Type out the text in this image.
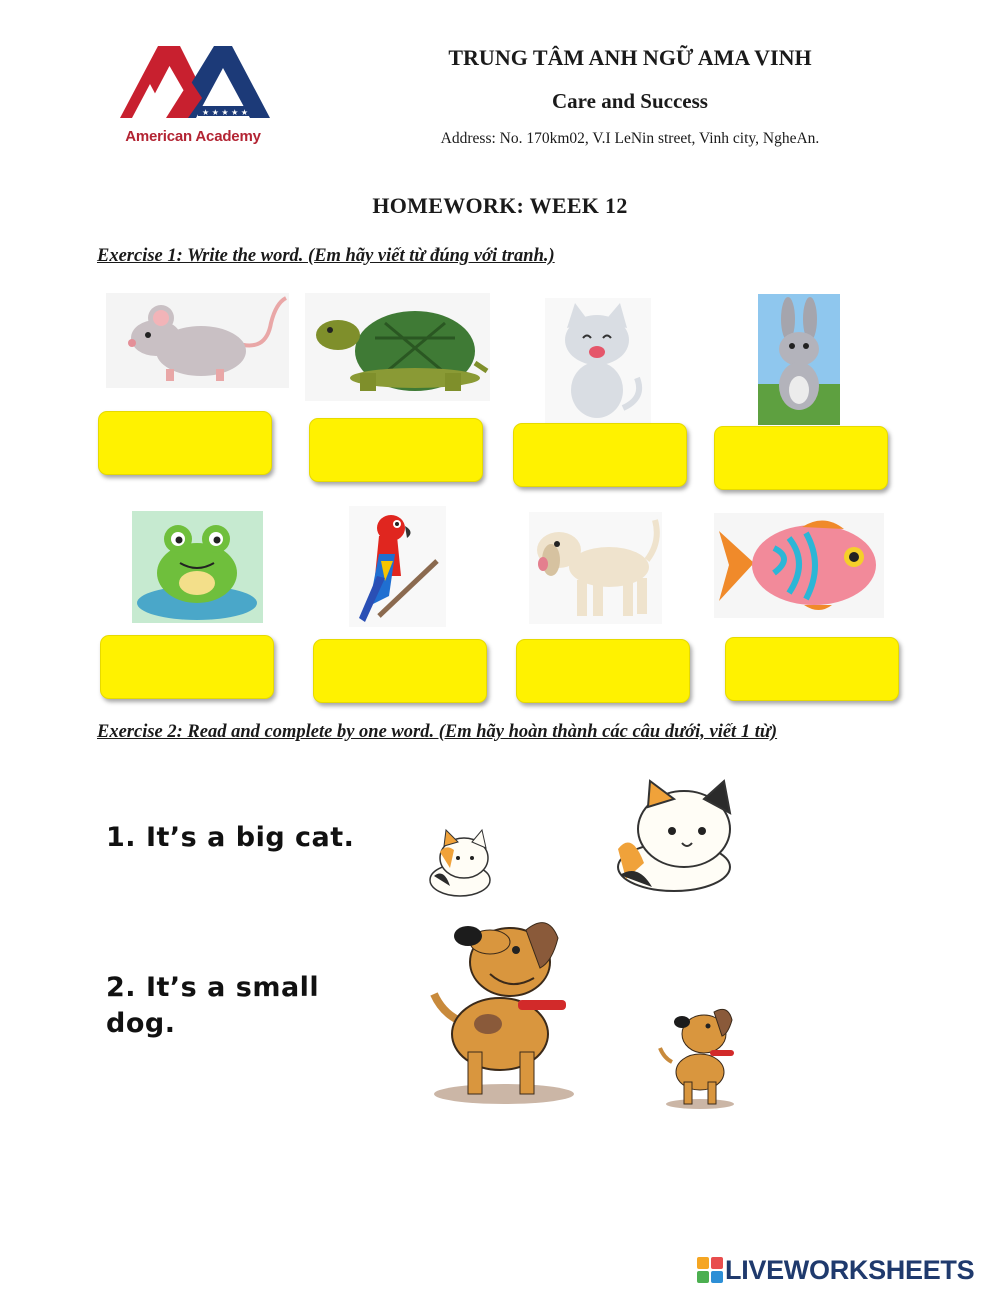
★ ★ ★ ★ ★
American Academy
TRUNG TÂM ANH NGỮ AMA VINH
Care and Success
Address: No. 170km02, V.I LeNin street, Vinh city, NgheAn.
HOMEWORK: WEEK 12
Exercise 1: Write the word. (Em hãy viết từ đúng với tranh.)
Exercise 2: Read and complete by one word. (Em hãy hoàn thành các câu dưới, viết 1 từ)
1. It’s a big cat.
2. It’s a small dog.
LIVEWORKSHEETS
